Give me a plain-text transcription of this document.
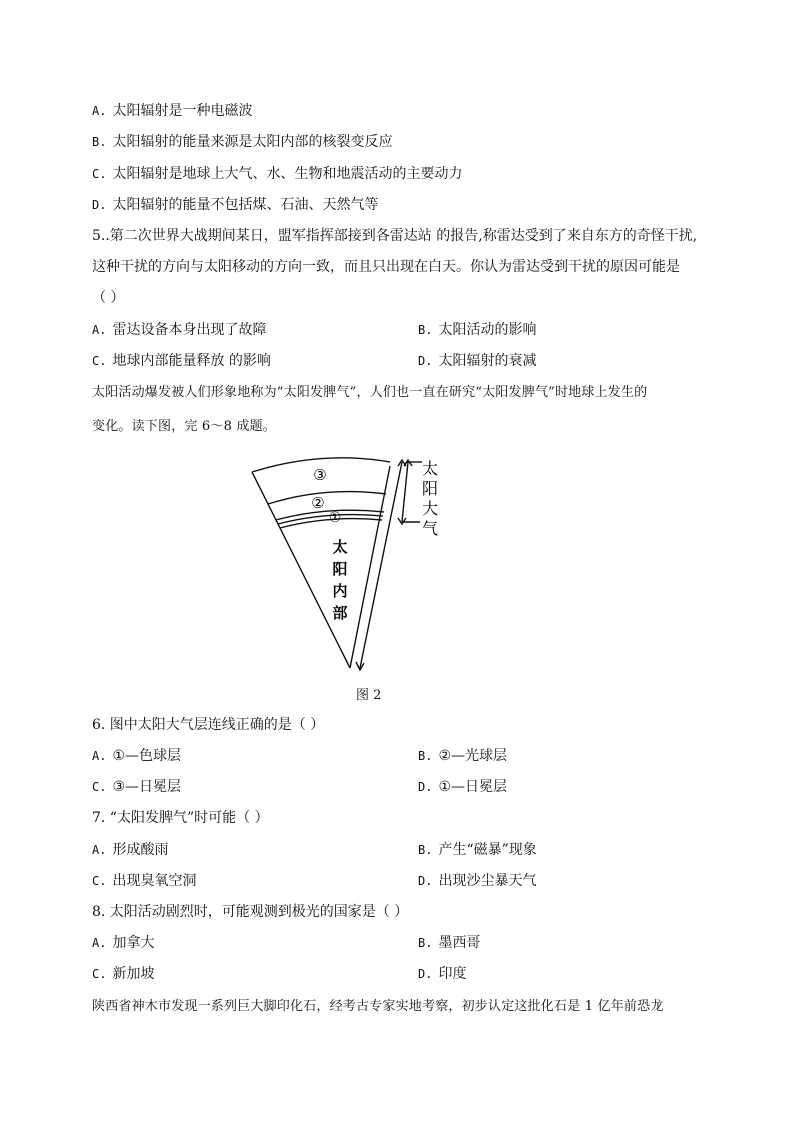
A. 太阳辐射是一种电磁波
B. 太阳辐射的能量来源是太阳内部的核裂变反应
C. 太阳辐射是地球上大气、水、生物和地震活动的主要动力
D. 太阳辐射的能量不包括煤、石油、天然气等
5..第二次世界大战期间某日，盟军指挥部接到各雷达站 的报告,称雷达受到了来自东方的奇怪干扰,
这种干扰的方向与太阳移动的方向一致，而且只出现在白天。你认为雷达受到干扰的原因可能是
（ ）
A. 雷达设备本身出现了故障	B. 太阳活动的影响
C. 地球内部能量释放 的影响	D. 太阳辐射的衰减
太阳活动爆发被人们形象地称为“太阳发脾气”，人们也一直在研究“太阳发脾气”时地球上发生的
变化。读下图，完 6～8 成题。
③
②
①
太
阳
内
部
太
阳
大
气
图 2
6. 图中太阳大气层连线正确的是（ ）
A. ①—色球层	B. ②—光球层
C. ③—日冕层	D. ①—日冕层
7. “太阳发脾气”时可能（ ）
A. 形成酸雨	B. 产生“磁暴”现象
C. 出现臭氧空洞	D. 出现沙尘暴天气
8. 太阳活动剧烈时，可能观测到极光的国家是（ ）
A. 加拿大	B. 墨西哥
C. 新加坡	D. 印度
陕西省神木市发现一系列巨大脚印化石，经考古专家实地考察，初步认定这批化石是 1 亿年前恐龙
